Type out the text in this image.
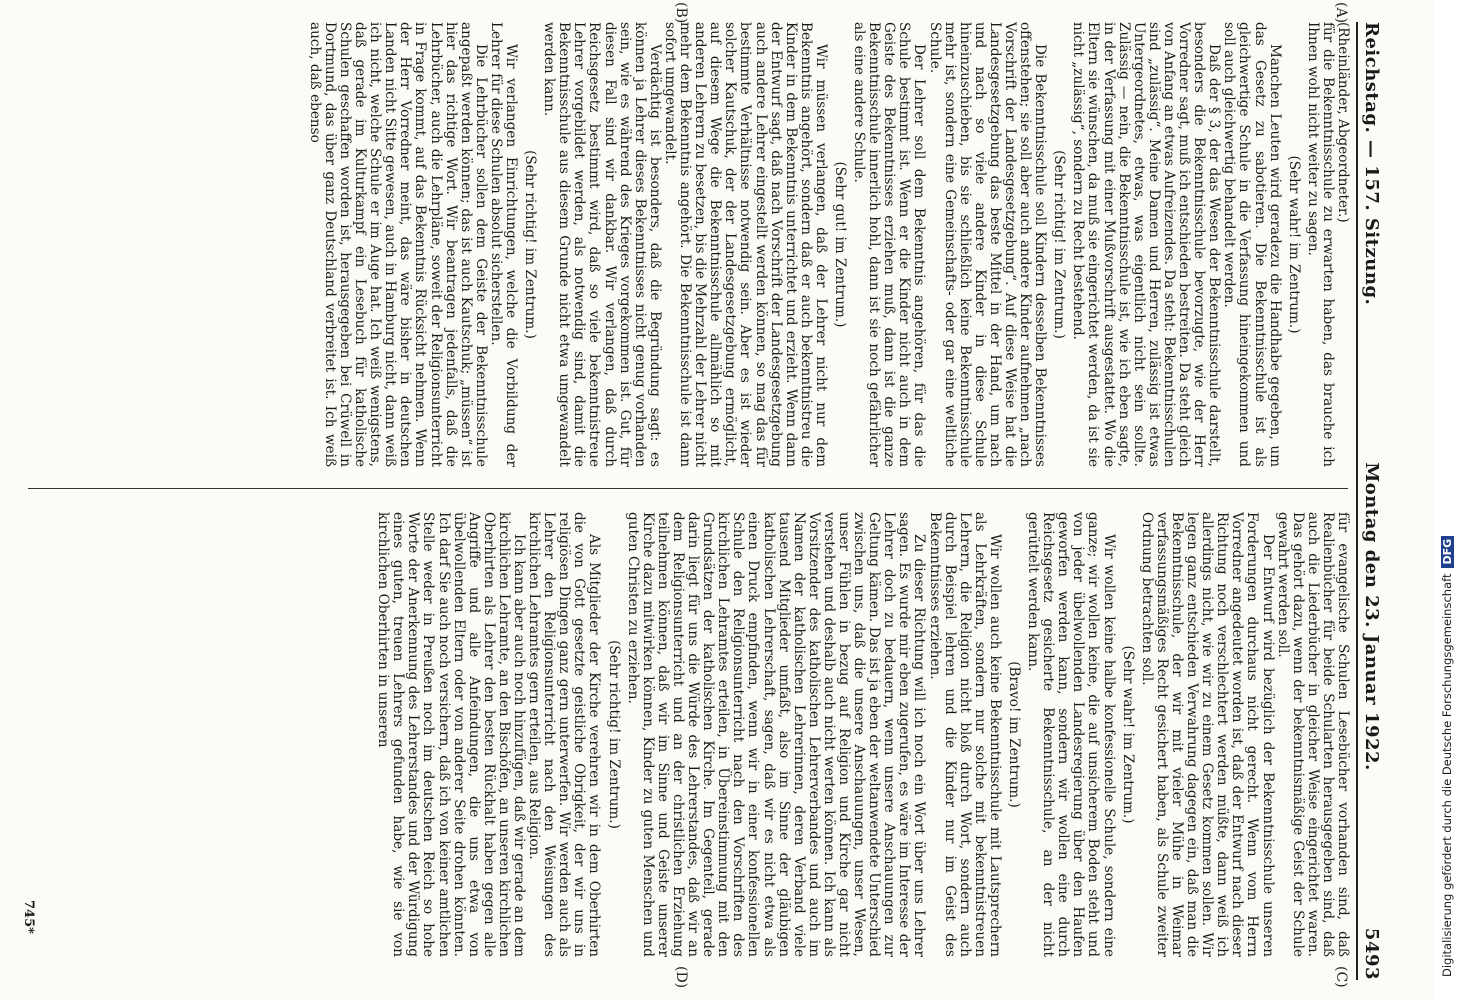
Reichstag. — 157. Sitzung.
Montag den 23. Januar 1922.
5493
(A)
(B)
(C)
(D)

(Rheinländer, Abgeordneter.)

für die Bekenntnisschule zu erwarten haben, das brauche ich Ihnen wohl nicht weiter zu sagen.

(Sehr wahr! im Zentrum.)

Manchen Leuten wird geradezu die Handhabe gegeben, um das Gesetz zu sabotieren. Die Bekenntnisschule ist als gleichwertige Schule in die Verfassung hineingekommen und soll auch gleichwertig behandelt werden.

Daß der § 3, der das Wesen der Bekenntnisschule darstellt, besonders die Bekenntnisschule bevorzugte, wie der Herr Vorredner sagt, muß ich entschieden bestreiten. Da steht gleich von Anfang an etwas Aufreizendes. Da steht: Bekenntnisschulen sind „zulässig“. Meine Damen und Herren, zulässig ist etwas Untergeordnetes, etwas, was eigentlich nicht sein sollte. Zulässig — nein, die Bekenntnisschule ist, wie ich eben sagte, in der Verfassung mit einer Mußvorschrift ausgestattet. Wo die Eltern sie wünschen, da muß sie eingerichtet werden, da ist sie nicht „zulässig“, sondern zu Recht bestehend.

(Sehr richtig! im Zentrum.)

Die Bekenntnisschule soll Kindern desselben Bekenntnisses offenstehen; sie soll aber auch andere Kinder aufnehmen „nach Vorschrift der Landesgesetzgebung“. Auf diese Weise hat die Landesgesetzgebung das beste Mittel in der Hand, um nach und nach so viele andere Kinder in diese Schule hineinzuschieben, bis sie schließlich keine Bekenntnisschule mehr ist, sondern eine Gemeinschafts- oder gar eine weltliche Schule.

Der Lehrer soll dem Bekenntnis angehören, für das die Schule bestimmt ist. Wenn er die Kinder nicht auch in dem Geiste des Bekenntnisses erziehen muß, dann ist die ganze Bekenntnisschule innerlich hohl, dann ist sie noch gefährlicher als eine andere Schule.

(Sehr gut! im Zentrum.)

Wir müssen verlangen, daß der Lehrer nicht nur dem Bekenntnis angehört, sondern daß er auch bekenntnistreu die Kinder in dem Bekenntnis unterrichtet und erzieht. Wenn dann der Entwurf sagt, daß nach Vorschrift der Landesgesetzgebung auch andere Lehrer eingestellt werden können, so mag das für bestimmte Verhältnisse notwendig sein. Aber es ist wieder solcher Kautschuk, der der Landesgesetzgebung ermöglicht, auf diesem Wege die Bekenntnisschule allmählich so mit anderen Lehrern zu besetzen, bis die Mehrzahl der Lehrer nicht mehr dem Bekenntnis angehört. Die Bekenntnisschule ist dann sofort umgewandelt.

Verdächtig ist besonders, daß die Begründung sagt: es können ja Lehrer dieses Bekenntnisses nicht genug vorhanden sein, wie es während des Krieges vorgekommen ist. Gut, für diesen Fall sind wir dankbar. Wir verlangen, daß durch Reichsgesetz bestimmt wird, daß so viele bekenntnistreue Lehrer vorgebildet werden, als notwendig sind, damit die Bekenntnisschule aus diesem Grunde nicht etwa umgewandelt werden kann.

(Sehr richtig! im Zentrum.)

Wir verlangen Einrichtungen, welche die Vorbildung der Lehrer für diese Schulen absolut sicherstellen.

Die Lehrbücher sollen dem Geiste der Bekenntnisschule angepaßt werden können; das ist auch Kautschuk; „müssen“ ist hier das richtige Wort. Wir beantragen jedenfalls, daß die Lehrbücher, auch die Lehrpläne, soweit der Religionsunterricht in Frage kommt, auf das Bekenntnis Rücksicht nehmen. Wenn der Herr Vorredner meint, das wäre bisher in deutschen Landen nicht Sitte gewesen, auch in Hamburg nicht, dann weiß ich nicht, welche Schule er im Auge hat. Ich weiß wenigstens, daß gerade im Kulturkampf ein Lesebuch für katholische Schulen geschaffen worden ist, herausgegeben bei Crüwell in Dortmund, das über ganz Deutschland verbreitet ist. Ich weiß auch, daß ebenso

für evangelische Schulen Lesebücher vorhanden sind, daß Realienbücher für beide Schularten herausgegeben sind, daß auch die Liederbücher in gleicher Weise eingerichtet waren. Das gehört dazu, wenn der bekenntnismäßige Geist der Schule gewahrt werden soll.

Der Entwurf wird bezüglich der Bekenntnisschule unseren Forderungen durchaus nicht gerecht. Wenn vom Herrn Vorredner angedeutet worden ist, daß der Entwurf nach dieser Richtung noch verschlechtert werden müßte, dann weiß ich allerdings nicht, wie wir zu einem Gesetz kommen sollen. Wir legen ganz entschieden Verwahrung dagegen ein, daß man die Bekenntnisschule, der wir mit vieler Mühe in Weimar verfassungsmäßiges Recht gesichert haben, als Schule zweiter Ordnung betrachten soll.

(Sehr wahr! im Zentrum.)

Wir wollen keine halbe konfessionelle Schule, sondern eine ganze; wir wollen keine, die auf unsicherem Boden steht und von jeder übelwollenden Landesregierung über den Haufen geworfen werden kann, sondern wir wollen eine durch Reichsgesetz gesicherte Bekenntnisschule, an der nicht gerüttelt werden kann.

(Bravo! im Zentrum.)

Wir wollen auch keine Bekenntnisschule mit Lautsprechern als Lehrkräften, sondern nur solche mit bekenntnistreuen Lehrern, die Religion nicht bloß durch Wort, sondern auch durch Beispiel lehren und die Kinder nur im Geist des Bekenntnisses erziehen.

Zu dieser Richtung will ich noch ein Wort über uns Lehrer sagen. Es wurde mir eben zugerufen, es wäre im Interesse der Lehrer doch zu bedauern, wenn unsere Anschauungen zur Geltung kämen. Das ist ja eben der weltanwendete Unterschied zwischen uns, daß die unsere Anschauungen, unser Wesen, unser Fühlen in bezug auf Religion und Kirche gar nicht verstehen und deshalb auch nicht werten können. Ich kann als Vorsitzender des katholischen Lehrerverbandes und auch im Namen der katholischen Lehrerinnen, deren Verband viele tausend Mitglieder umfaßt, also im Sinne der gläubigen katholischen Lehrerschaft, sagen, daß wir es nicht etwa als einen Druck empfinden, wenn wir in einer konfessionellen Schule den Religionsunterricht nach den Vorschriften des kirchlichen Lehramtes erteilen, in Übereinstimmung mit den Grundsätzen der katholischen Kirche. Im Gegenteil, gerade darin liegt für uns die Würde des Lehrerstandes, daß wir an dem Religionsunterricht und an der christlichen Erziehung teilnehmen können, daß wir im Sinne und Geiste unserer Kirche dazu mitwirken können, Kinder zu guten Menschen und guten Christen zu erziehen.

(Sehr richtig! im Zentrum.)

Als Mitglieder der Kirche verehren wir in dem Oberhirten die von Gott gesetzte geistliche Obrigkeit, der wir uns in religiösen Dingen ganz gern unterwerfen. Wir werden auch als Lehrer den Religionsunterricht nach den Weisungen des kirchlichen Lehramtes gern erteilen, aus Religion.

Ich kann aber auch noch hinzufügen, daß wir gerade an dem kirchlichen Lehramte, an den Bischöfen, an unseren kirchlichen Oberhirten als Lehrer den besten Rückhalt haben gegen alle Angriffe und alle Anfeindungen, die uns etwa von übelwollenden Eltern oder von anderer Seite drohen könnten. Ich darf Sie auch noch versichern, daß ich von keiner amtlichen Stelle weder in Preußen noch im deutschen Reich so hohe Worte der Anerkennung des Lehrerstandes und der Würdigung eines guten, treuen Lehrers gefunden habe, wie sie von kirchlichen Oberhirten in unseren

745*	Digitalisierung gefördert durch die Deutsche Forschungsgemeinschaft
DFG
